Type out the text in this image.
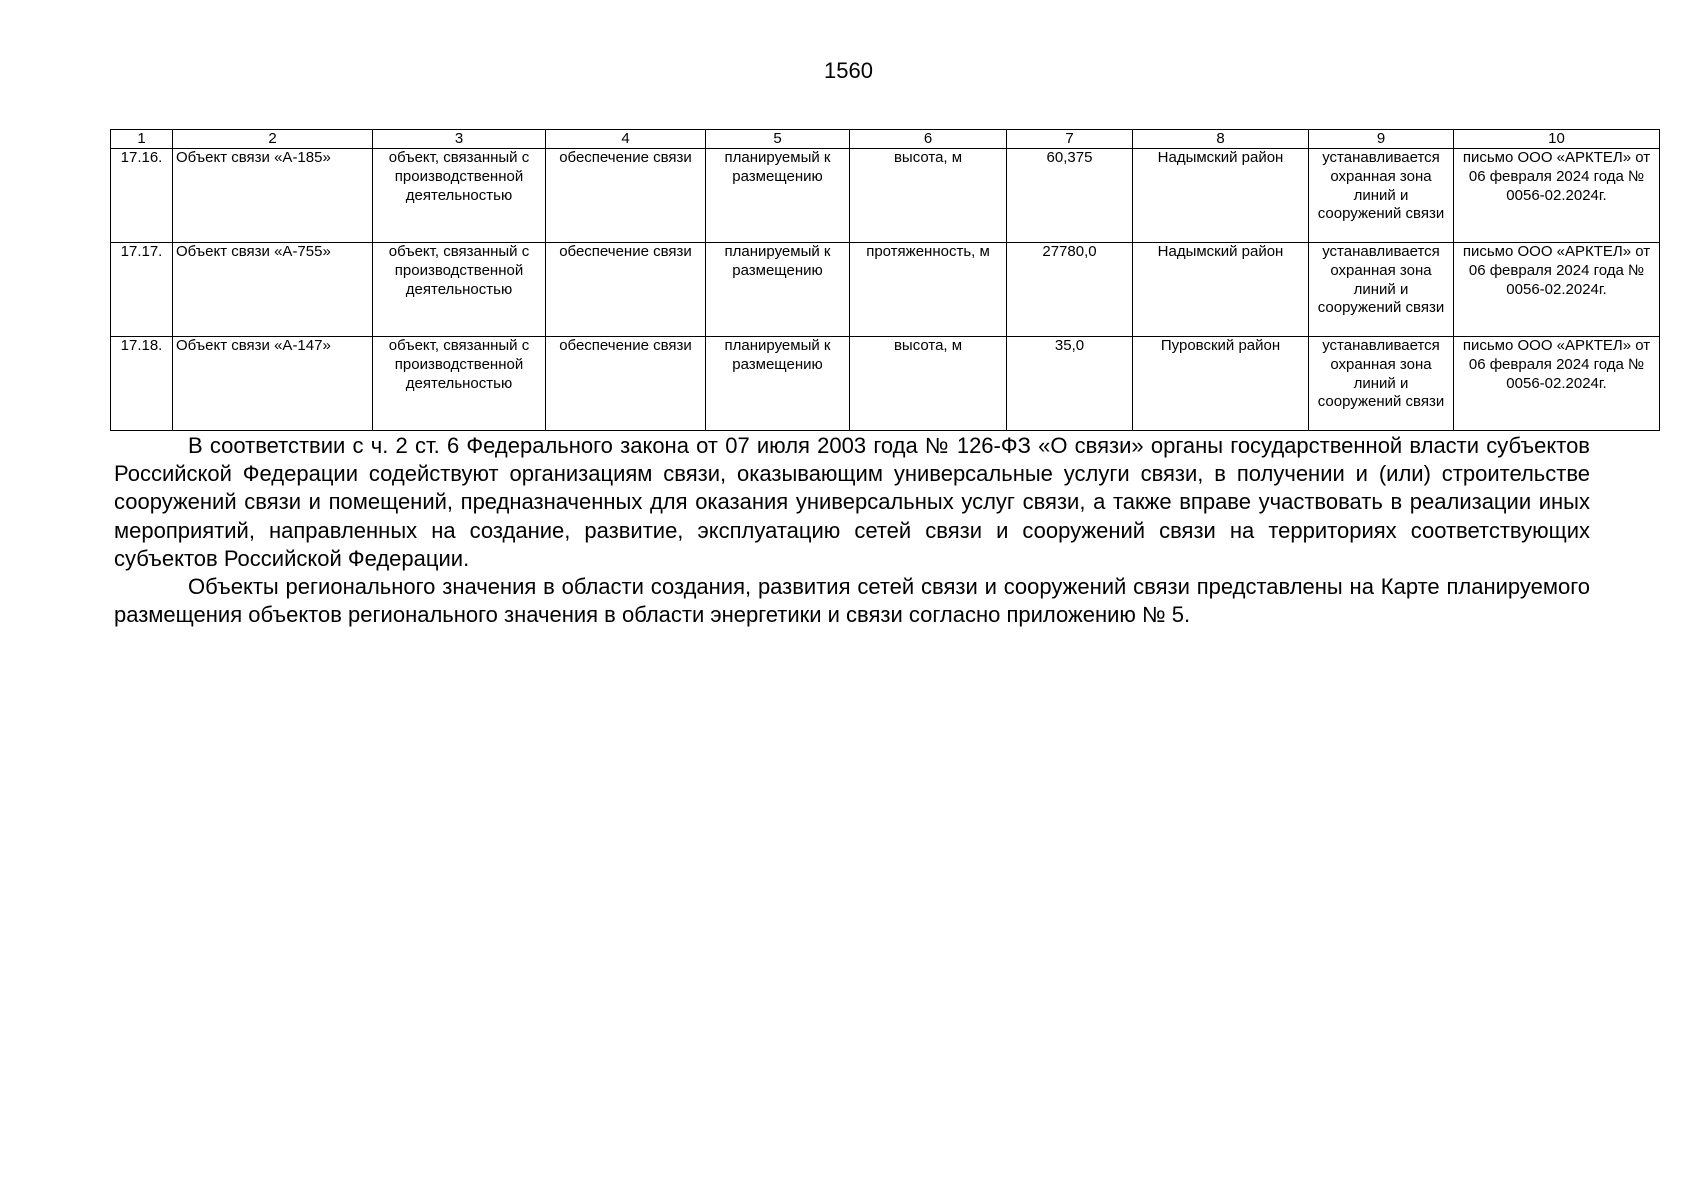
1560
1	2	3	4	5	6	7	8	9	10
17.16.	Объект связи «А-185»	объект, связанный с производственной деятельностью	обеспечение связи	планируемый к размещению	высота, м	60,375	Надымский район	устанавливается охранная зона линий и сооружений связи	письмо ООО «АРКТЕЛ» от 06 февраля 2024 года № 0056-02.2024г.
17.17.	Объект связи «А-755»	объект, связанный с производственной деятельностью	обеспечение связи	планируемый к размещению	протяженность, м	27780,0	Надымский район	устанавливается охранная зона линий и сооружений связи	письмо ООО «АРКТЕЛ» от 06 февраля 2024 года № 0056-02.2024г.
17.18.	Объект связи «А-147»	объект, связанный с производственной деятельностью	обеспечение связи	планируемый к размещению	высота, м	35,0	Пуровский район	устанавливается охранная зона линий и сооружений связи	письмо ООО «АРКТЕЛ» от 06 февраля 2024 года № 0056-02.2024г.

В соответствии с ч. 2 ст. 6 Федерального закона от 07 июля 2003 года № 126-ФЗ «О связи» органы государственной власти субъектов Российской Федерации содействуют организациям связи, оказывающим универсальные услуги связи, в получении и (или) строительстве сооружений связи и помещений, предназначенных для оказания универсальных услуг связи, а также вправе участвовать в реализации иных мероприятий, направленных на создание, развитие, эксплуатацию сетей связи и сооружений связи на территориях соответствующих субъектов Российской Федерации.

Объекты регионального значения в области создания, развития сетей связи и сооружений связи представлены на Карте планируемого размещения объектов регионального значения в области энергетики и связи согласно приложению № 5.
